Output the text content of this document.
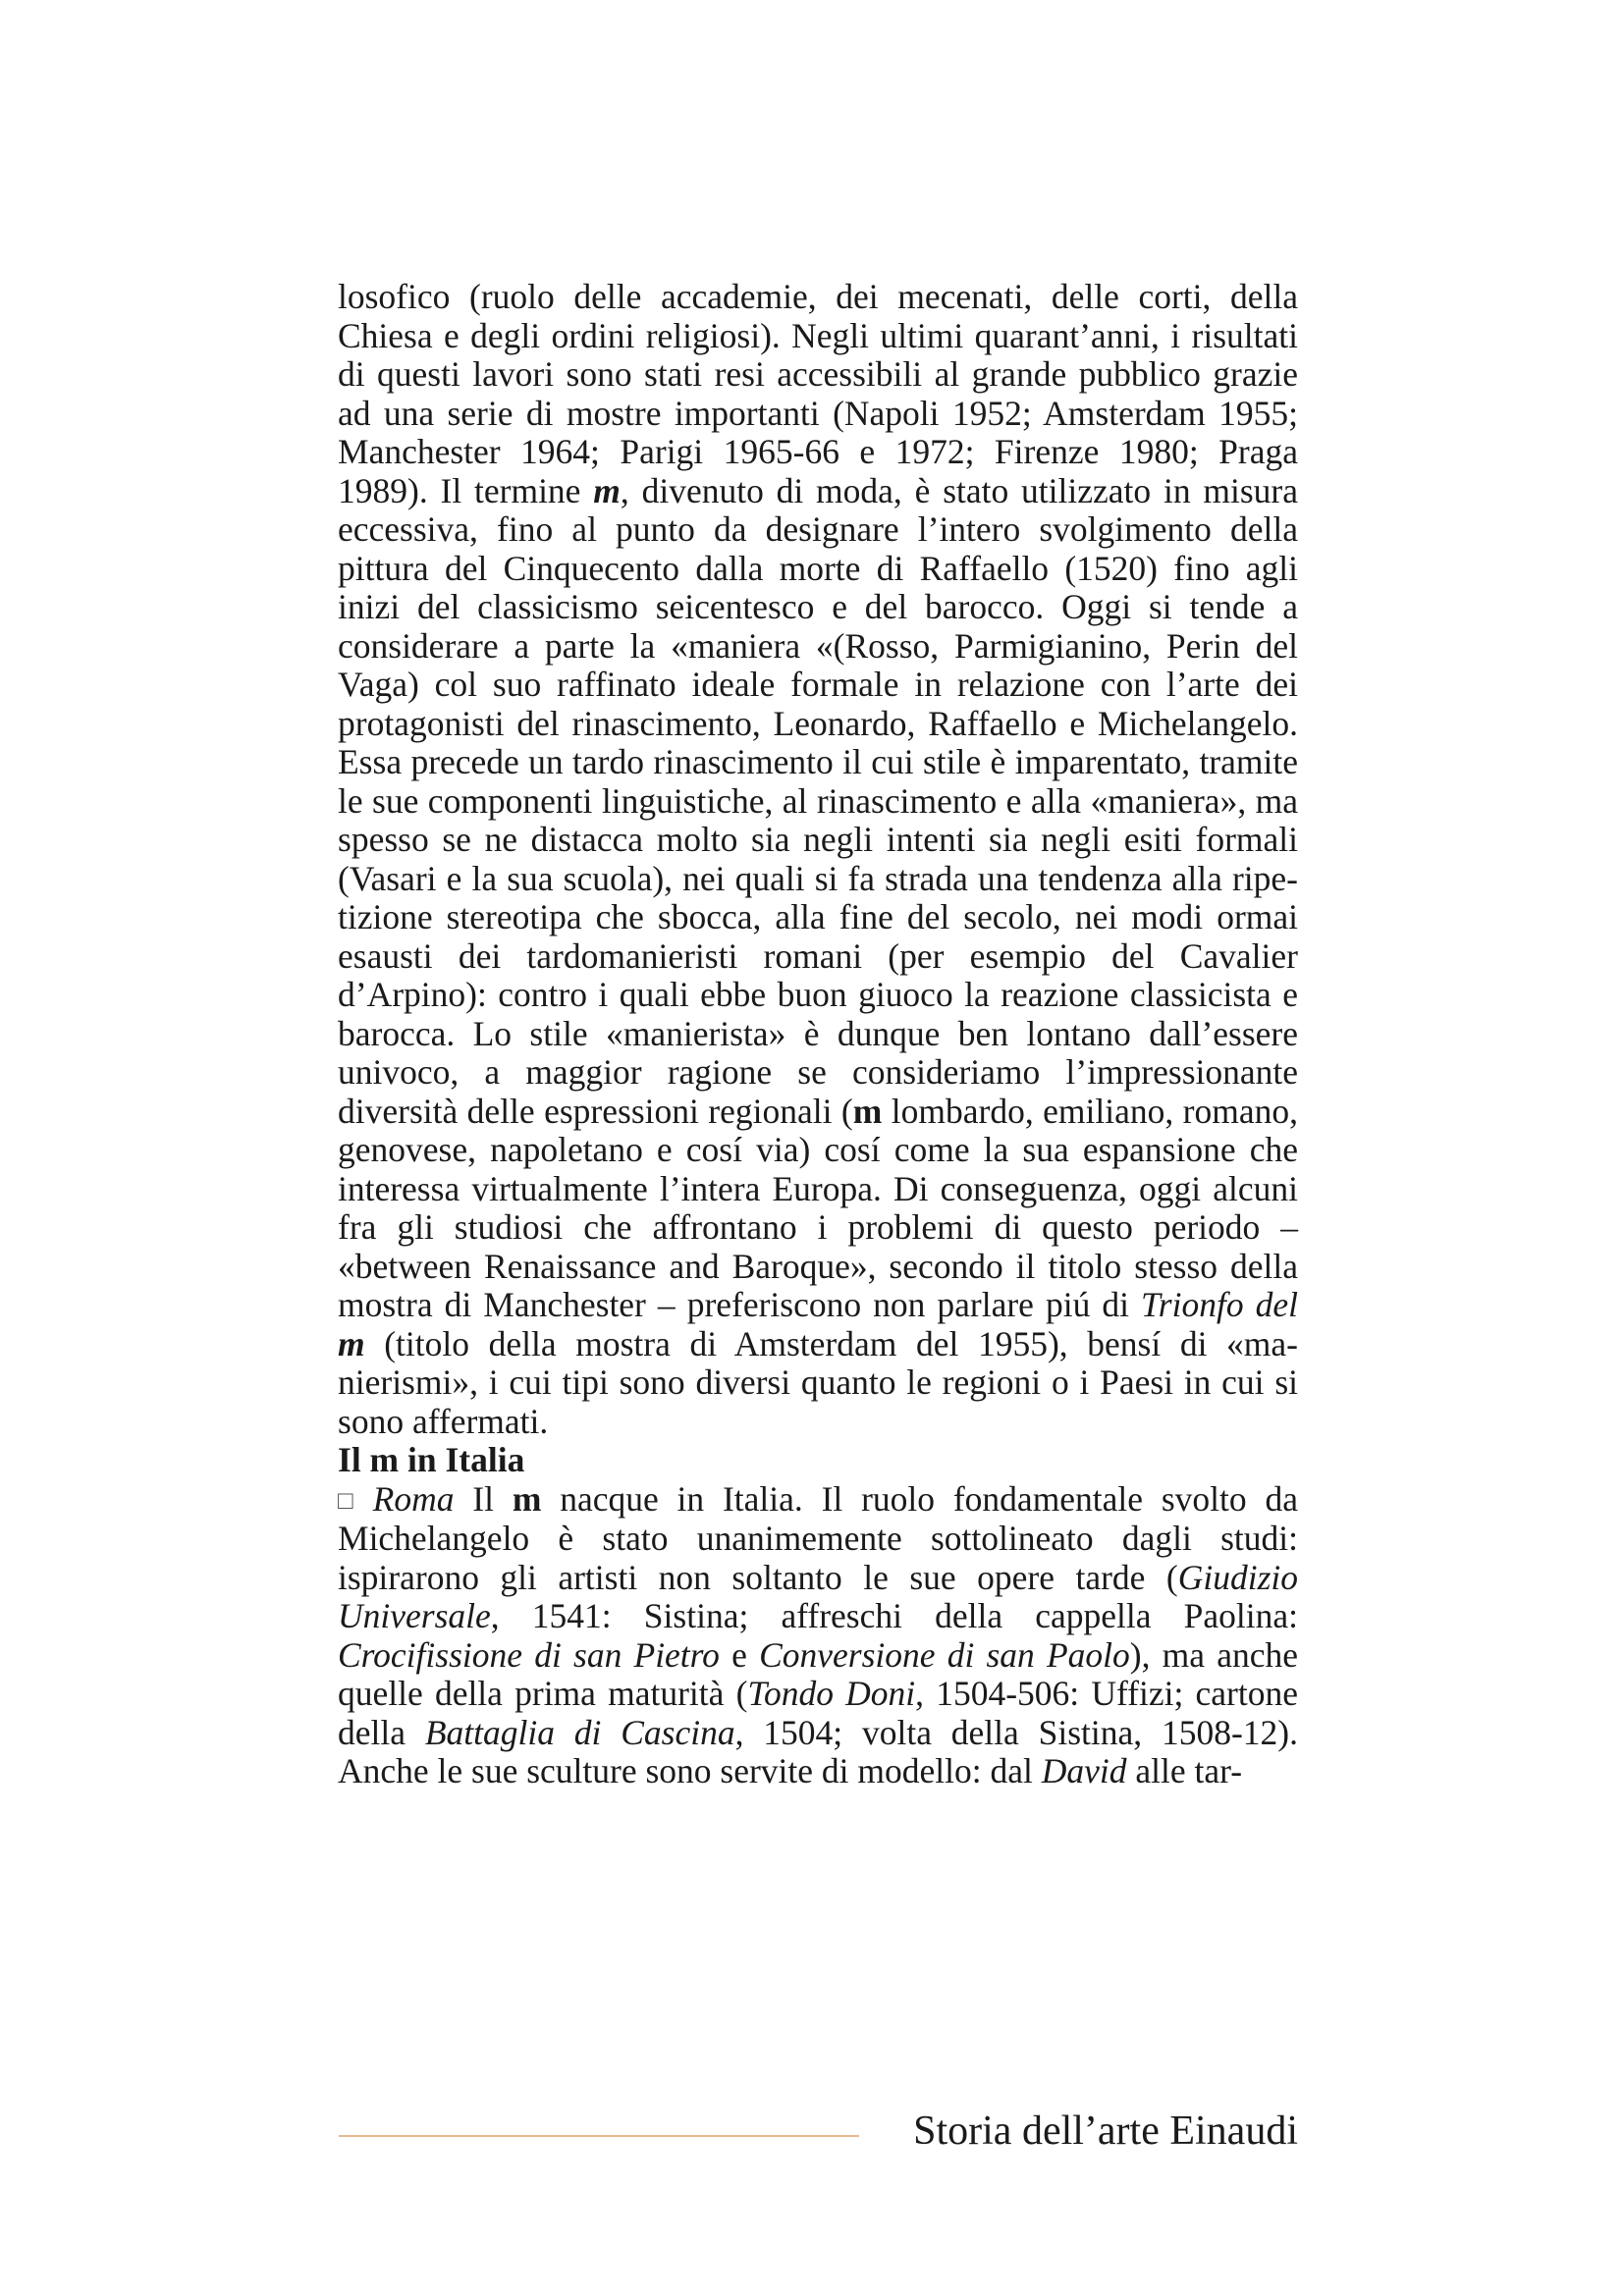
losofico (ruolo delle accademie, dei mecenati, delle corti, della Chiesa e degli ordini religiosi). Negli ultimi quarant’anni, i risultati di questi lavori sono stati resi accessibili al grande pubblico grazie ad una serie di mostre importanti (Napoli 1952; Amsterdam 1955; Manchester 1964; Parigi 1965-66 e 1972; Firenze 1980; Praga 1989). Il termine m, divenuto di moda, è stato utilizzato in misura eccessiva, fino al punto da designare l’intero svolgimento della pittura del Cinquecento dalla morte di Raffaello (1520) fino agli inizi del classicismo seicentesco e del barocco. Oggi si tende a considerare a parte la «maniera «(Rosso, Parmigianino, Perin del Vaga) col suo raffinato ideale formale in relazione con l’arte dei protagonisti del rinascimento, Leonardo, Raffaello e Michelangelo. Essa precede un tardo rinascimento il cui stile è imparentato, tramite le sue componenti linguistiche, al rinascimento e alla «maniera», ma spesso se ne distacca molto sia negli intenti sia negli esiti formali (Vasari e la sua scuola), nei quali si fa strada una tendenza alla ripetizione stereotipa che sbocca, alla fine del secolo, nei modi ormai esausti dei tardomanieristi romani (per esempio del Cavalier d’Arpino): contro i quali ebbe buon giuoco la reazione classicista e barocca. Lo stile «manierista» è dunque ben lontano dall’essere univoco, a maggior ragione se consideriamo l’impressionante diversità delle espressioni regionali (m lombardo, emiliano, romano, genovese, napoletano e cosí via) cosí come la sua espansione che interessa virtualmente l’intera Europa. Di conseguenza, oggi alcuni fra gli studiosi che affrontano i problemi di questo periodo – «between Renaissance and Baroque», secondo il titolo stesso della mostra di Manchester – preferiscono non parlare piú di Trionfo del m (titolo della mostra di Amsterdam del 1955), bensí di «manierismi», i cui tipi sono diversi quanto le regioni o i Paesi in cui si sono affermati.

Il m in Italia

□ Roma Il m nacque in Italia. Il ruolo fondamentale svolto da Michelangelo è stato unanimemente sottolineato dagli studi: ispirarono gli artisti non soltanto le sue opere tarde (Giudizio Universale, 1541: Sistina; affreschi della cappella Paolina: Crocifissione di san Pietro e Conversione di san Paolo), ma anche quelle della prima maturità (Tondo Doni, 1504-506: Uffizi; cartone della Battaglia di Cascina, 1504; volta della Sistina, 1508-12). Anche le sue sculture sono servite di modello: dal David alle tar-

Storia dell’arte Einaudi
